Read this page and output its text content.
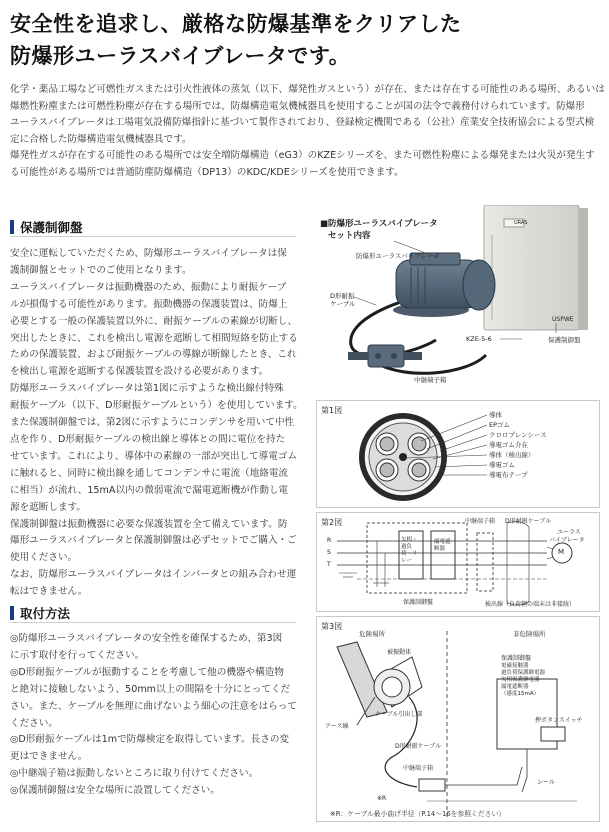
安全性を追求し、厳格な防爆基準をクリアした
防爆形ユーラスバイブレータです。

化学・薬品工場など可燃性ガスまたは引火性液体の蒸気（以下、爆発性ガスという）が存在、または存在する可能性のある場所、あるいは

爆燃性粉塵または可燃性粉塵が存在する場所では、防爆構造電気機械器具を使用することが国の法令で義務付けられています。防爆形

ユーラスバイブレータは工場電気設備防爆指針に基づいて製作されており、登録検定機関である（公社）産業安全技術協会による型式検

定に合格した防爆構造電気機械器具です。

爆発性ガスが存在する可能性のある場所では安全増防爆構造（eG3）のKZEシリーズを、また可燃性粉塵による爆発または火災が発生す

る可能性がある場所では普通防塵防爆構造（DP13）のKDC/KDEシリーズを使用できます。

保護制御盤

安全に運転していただくため、防爆形ユーラスバイブレータは保

護制御盤とセットでのご使用となります。

ユーラスバイブレータは振動機器のため、振動により耐振ケーブ

ルが損傷する可能性があります。振動機器の保護装置は、防爆上

必要とする一般の保護装置以外に、耐振ケーブルの素線が切断し、

突出したときに、これを検出し電源を遮断して相間短絡を防止する

ための保護装置、および耐振ケーブルの導線が断線したとき、これ

を検出し電源を遮断する保護装置を設ける必要があります。

防爆形ユーラスバイブレータは第1図に示すような検出線付特殊

耐振ケーブル（以下、D形耐振ケーブルという）を使用しています。

また保護制御盤では、第2図に示すようにコンデンサを用いて中性

点を作り、D形耐振ケーブルの検出線と導体との間に電位を持た

せています。これにより、導体中の素線の一部が突出して導電ゴム

に触れると、同時に検出線を通してコンデンサに電流（地絡電流

に相当）が流れ、15mA以内の微弱電流で漏電遮断機が作動し電

源を遮断します。

保護制御盤は振動機器に必要な保護装置を全て備えています。防

爆形ユーラスバイブレータと保護制御盤は必ずセットでご購入・ご

使用ください。

なお、防爆形ユーラスバイブレータはインバータとの組み合わせ運

転はできません。

取付方法

◎防爆形ユーラスバイブレータの安全性を確保するため、第3図

に示す取付を行ってください。

◎D形耐振ケーブルが振動することを考慮して他の機器や構造物

と絶対に接触しないよう、50mm以上の間隔を十分にとってくだ

さい。また、ケーブルを無理に曲げないよう細心の注意をはらって

ください。

◎D形耐振ケーブルは1mで防爆検定を取得しています。長さの変

更はできません。

◎中継端子箱は振動しないところに取り付けてください。

◎保護制御盤は安全な場所に設置してください。

■防爆形ユーラスバイブレータ
セット内容
防爆形ユーラスバイブレータ
D形耐振
ケーブル
KZE-5-6
USPWE
保護制御盤
中継端子箱
URAS
第1図	導体
EPゴム
クロロプレンシース
導電ゴム介在
導体（検出線）
導電ゴム
導電布テープ
第2図
R
S
T
中継端子箱 D形耐振ケーブル
ユーラス
バイブレータ
M
欠相・過負荷・リレー
漏電遮断器
保護制御盤	検出線（負荷側の端末は非接続）
第3図
危険場所	非危険場所
被振動体
アース線
ケーブル引出し部
D形耐振ケーブル
中継端子箱
シール
保護制御盤
電磁接触器
過負荷保護継電器
欠相保護継電器
漏電遮断器
（感度15mA）
押ボタンスイッチ
※R
※R：ケーブル最小曲げ半径（P.14〜16を参照ください）
